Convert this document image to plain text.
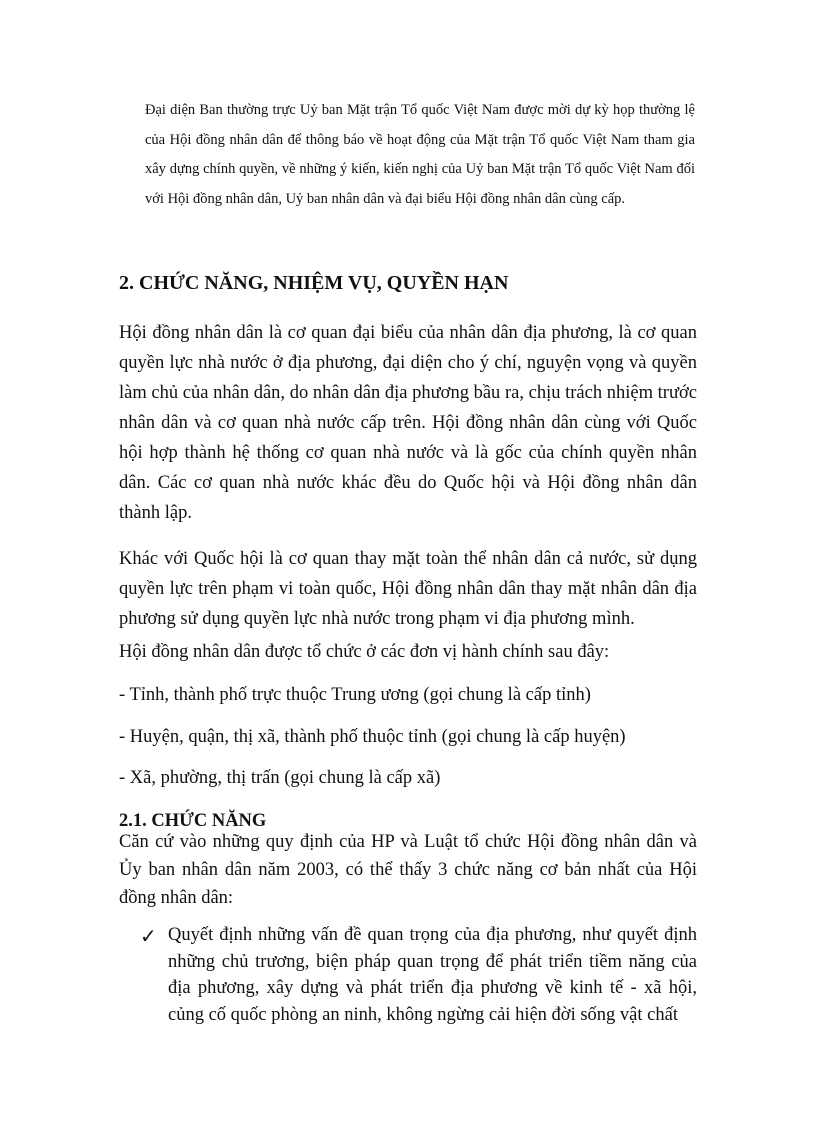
Đại diện Ban thường trực Uỷ ban Mặt trận Tổ quốc Việt Nam được mời dự kỳ họp thường lệ của Hội đồng nhân dân để thông báo về hoạt động của Mặt trận Tổ quốc Việt Nam tham gia xây dựng chính quyền, về những ý kiến, kiến nghị của Uỷ ban Mặt trận Tổ quốc Việt Nam đối với Hội đồng nhân dân, Uỷ ban nhân dân và đại biểu Hội đồng nhân dân cùng cấp.

2. CHỨC NĂNG, NHIỆM VỤ, QUYỀN HẠN

Hội đồng nhân dân là cơ quan đại biểu của nhân dân địa phương, là cơ quan quyền lực nhà nước ở địa phương, đại diện cho ý chí, nguyện vọng và quyền làm chủ của nhân dân, do nhân dân địa phương bầu ra, chịu trách nhiệm trước nhân dân và cơ quan nhà nước cấp trên. Hội đồng nhân dân cùng với Quốc hội hợp thành hệ thống cơ quan nhà nước và là gốc của chính quyền nhân dân. Các cơ quan nhà nước khác đều do Quốc hội và Hội đồng nhân dân thành lập.

Khác với Quốc hội là cơ quan thay mặt toàn thể nhân dân cả nước, sử dụng quyền lực trên phạm vi toàn quốc, Hội đồng nhân dân thay mặt nhân dân địa phương sử dụng quyền lực nhà nước trong phạm vi địa phương mình.

Hội đồng nhân dân được tổ chức ở các đơn vị hành chính sau đây:

- Tỉnh, thành phố trực thuộc Trung ương (gọi chung là cấp tỉnh)

- Huyện, quận, thị xã, thành phố thuộc tỉnh (gọi chung là cấp huyện)

- Xã, phường, thị trấn (gọi chung là cấp xã)

2.1. CHỨC NĂNG

Căn cứ vào những quy định của HP và Luật tổ chức Hội đồng nhân dân và Ủy ban nhân dân năm 2003, có thể thấy 3 chức năng cơ bản nhất của Hội đồng nhân dân:

✓ Quyết định những vấn đề quan trọng của địa phương, như quyết định những chủ trương, biện pháp quan trọng để phát triển tiềm năng của địa phương, xây dựng và phát triển địa phương về kinh tế - xã hội, củng cố quốc phòng an ninh, không ngừng cải hiện đời sống vật chất
